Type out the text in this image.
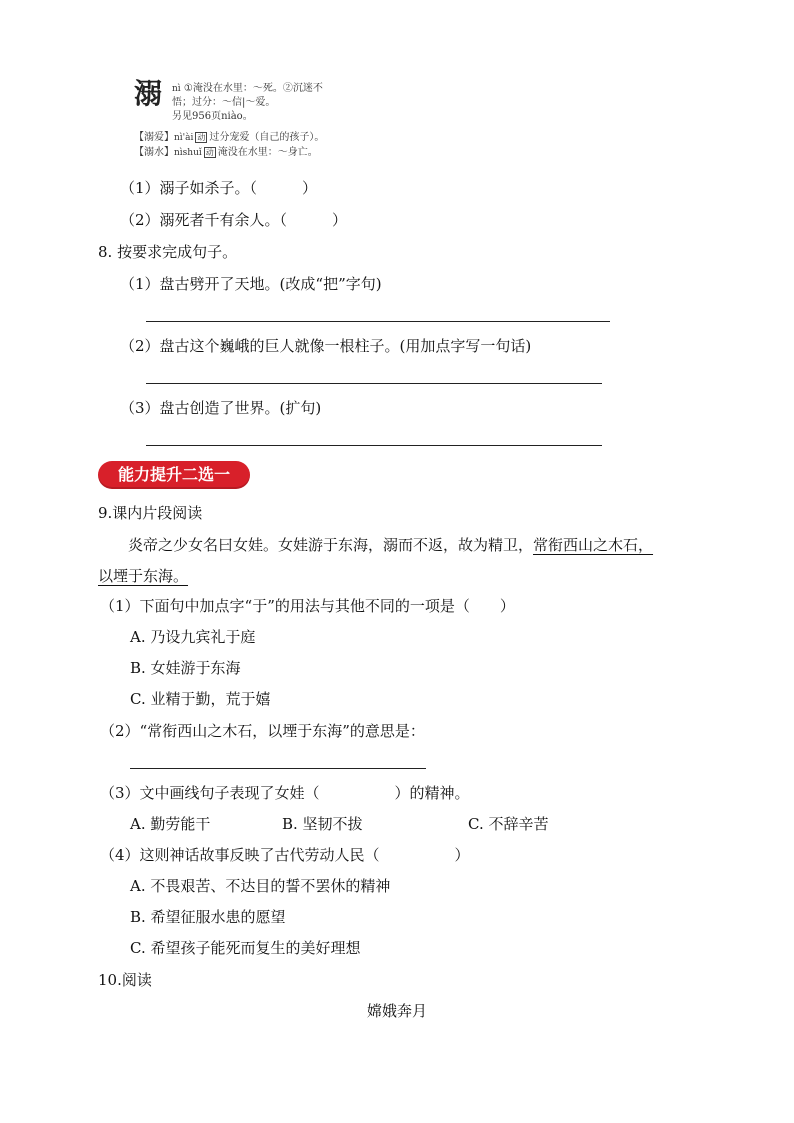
溺 nì ①淹没在水里：～死。②沉迷不
悟；过分：～信|～爱。
另见956页niào。
【溺爱】nì'ài 动 过分宠爱（自己的孩子）。
【溺水】nìshuǐ 动 淹没在水里：～身亡。
（1）溺子如杀子。（　　　）
（2）溺死者千有余人。（　　　）
8. 按要求完成句子。
（1）盘古劈开了天地。(改成“把”字句)
（2）盘古这个巍峨的巨人就像一根柱子。(用加点字写一句话)
（3）盘古创造了世界。(扩句)
能力提升二选一
9.课内片段阅读
炎帝之少女名曰女娃。女娃游于东海，溺而不返，故为精卫，常衔西山之木石，
以堙于东海。
（1）下面句中加点字“于”的用法与其他不同的一项是（　　）
A. 乃设九宾礼于庭
B. 女娃游于东海
C. 业精于勤，荒于嬉
（2）“常衔西山之木石，以堙于东海”的意思是：
（3）文中画线句子表现了女娃（　　　　　）的精神。
A. 勤劳能干	B. 坚韧不拔	C. 不辞辛苦
（4）这则神话故事反映了古代劳动人民（　　　　　）
A. 不畏艰苦、不达目的誓不罢休的精神
B. 希望征服水患的愿望
C. 希望孩子能死而复生的美好理想
10.阅读
嫦娥奔月
